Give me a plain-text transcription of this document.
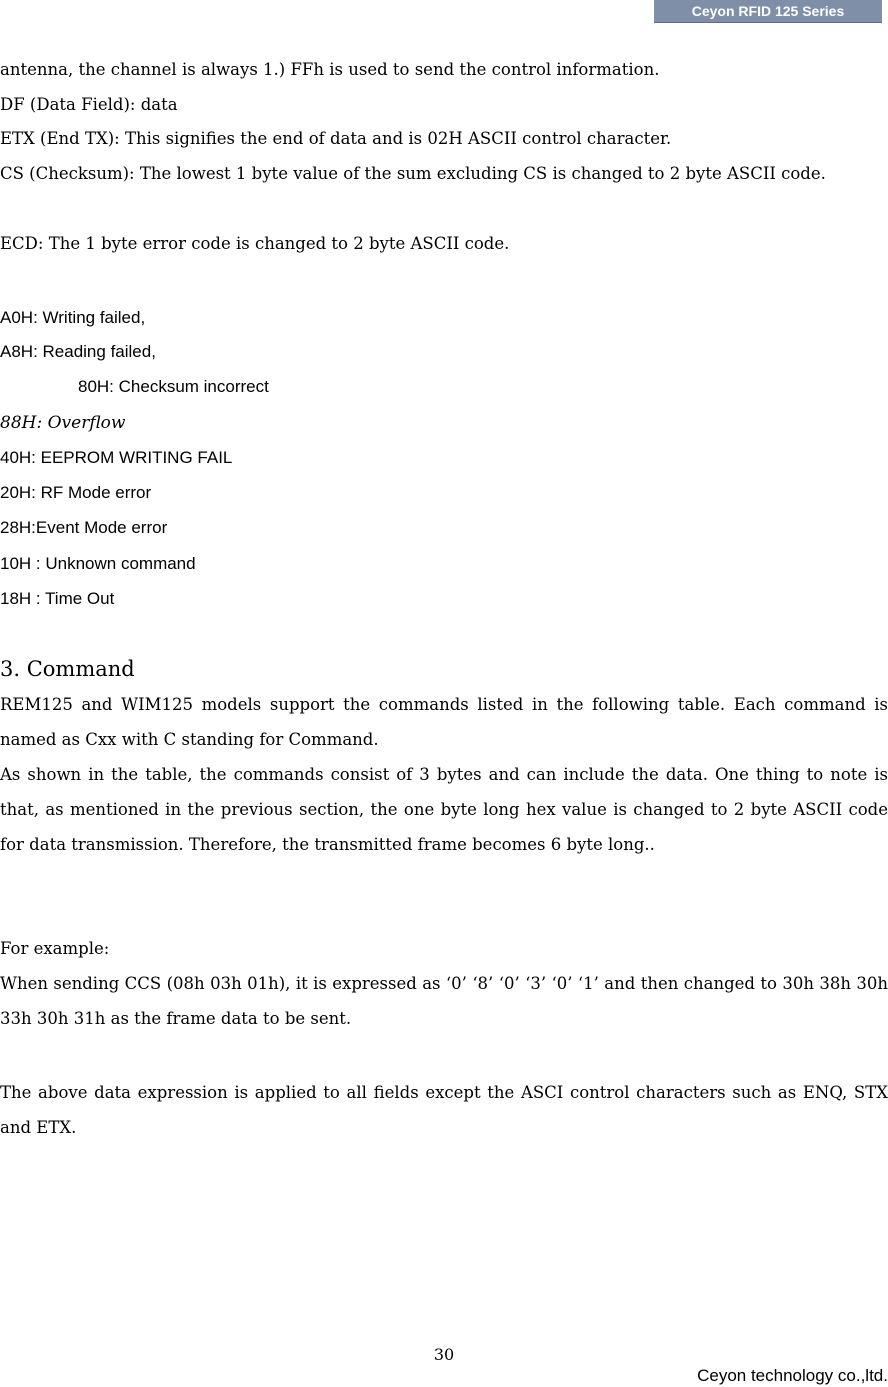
Ceyon RFID 125 Series
antenna, the channel is always 1.) FFh is used to send the control information.
DF (Data Field): data
ETX (End TX): This signifies the end of data and is 02H ASCII control character.
CS (Checksum): The lowest 1 byte value of the sum excluding CS is changed to 2 byte ASCII code.
ECD: The 1 byte error code is changed to 2 byte ASCII code.
A0H: Writing failed,
A8H: Reading failed,
80H: Checksum incorrect
88H: Overflow
40H: EEPROM WRITING FAIL
20H: RF Mode error
28H:Event Mode error
10H : Unknown command
18H : Time Out
3. Command
REM125 and WIM125 models support the commands listed in the following table. Each command is named as Cxx with C standing for Command.
As shown in the table, the commands consist of 3 bytes and can include the data. One thing to note is that, as mentioned in the previous section, the one byte long hex value is changed to 2 byte ASCII code for data transmission. Therefore, the transmitted frame becomes 6 byte long..
For example:
When sending CCS (08h 03h 01h), it is expressed as ‘0’ ‘8’ ‘0’ ‘3’ ‘0’ ‘1’ and then changed to 30h 38h 30h 33h 30h 31h as the frame data to be sent.
The above data expression is applied to all fields except the ASCI control characters such as ENQ, STX and ETX.
30
Ceyon technology co.,ltd.
